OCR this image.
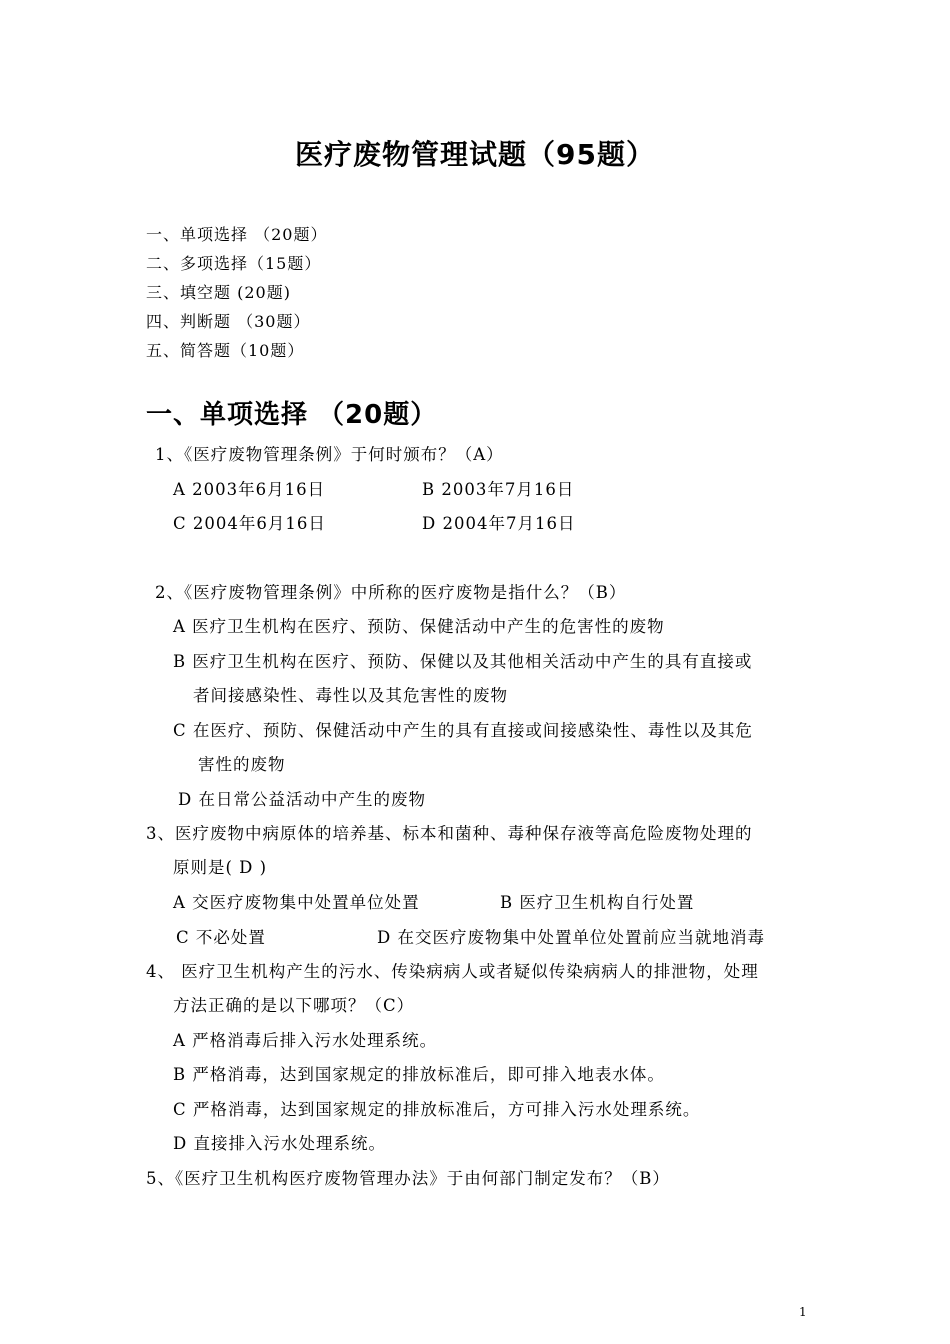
医疗废物管理试题（95题）
一、单项选择 （20题）
二、多项选择（15题）
三、填空题 (20题)
四、判断题 （30题）
五、简答题（10题）
一、单项选择 （20题）
1、《医疗废物管理条例》于何时颁布？（A）
A 2003年6月16日	B 2003年7月16日
C 2004年6月16日	D 2004年7月16日
2、《医疗废物管理条例》中所称的医疗废物是指什么？（B）
A 医疗卫生机构在医疗、预防、保健活动中产生的危害性的废物
B 医疗卫生机构在医疗、预防、保健以及其他相关活动中产生的具有直接或
者间接感染性、毒性以及其危害性的废物
C 在医疗、预防、保健活动中产生的具有直接或间接感染性、毒性以及其危
害性的废物
D 在日常公益活动中产生的废物
3、医疗废物中病原体的培养基、标本和菌种、毒种保存液等高危险废物处理的
原则是( D )
A 交医疗废物集中处置单位处置	B 医疗卫生机构自行处置
C 不必处置	D 在交医疗废物集中处置单位处置前应当就地消毒
4、 医疗卫生机构产生的污水、传染病病人或者疑似传染病病人的排泄物，处理
方法正确的是以下哪项？（C）
A 严格消毒后排入污水处理系统。
B 严格消毒，达到国家规定的排放标准后，即可排入地表水体。
C 严格消毒，达到国家规定的排放标准后，方可排入污水处理系统。
D 直接排入污水处理系统。
5、《医疗卫生机构医疗废物管理办法》于由何部门制定发布？（B）
1
